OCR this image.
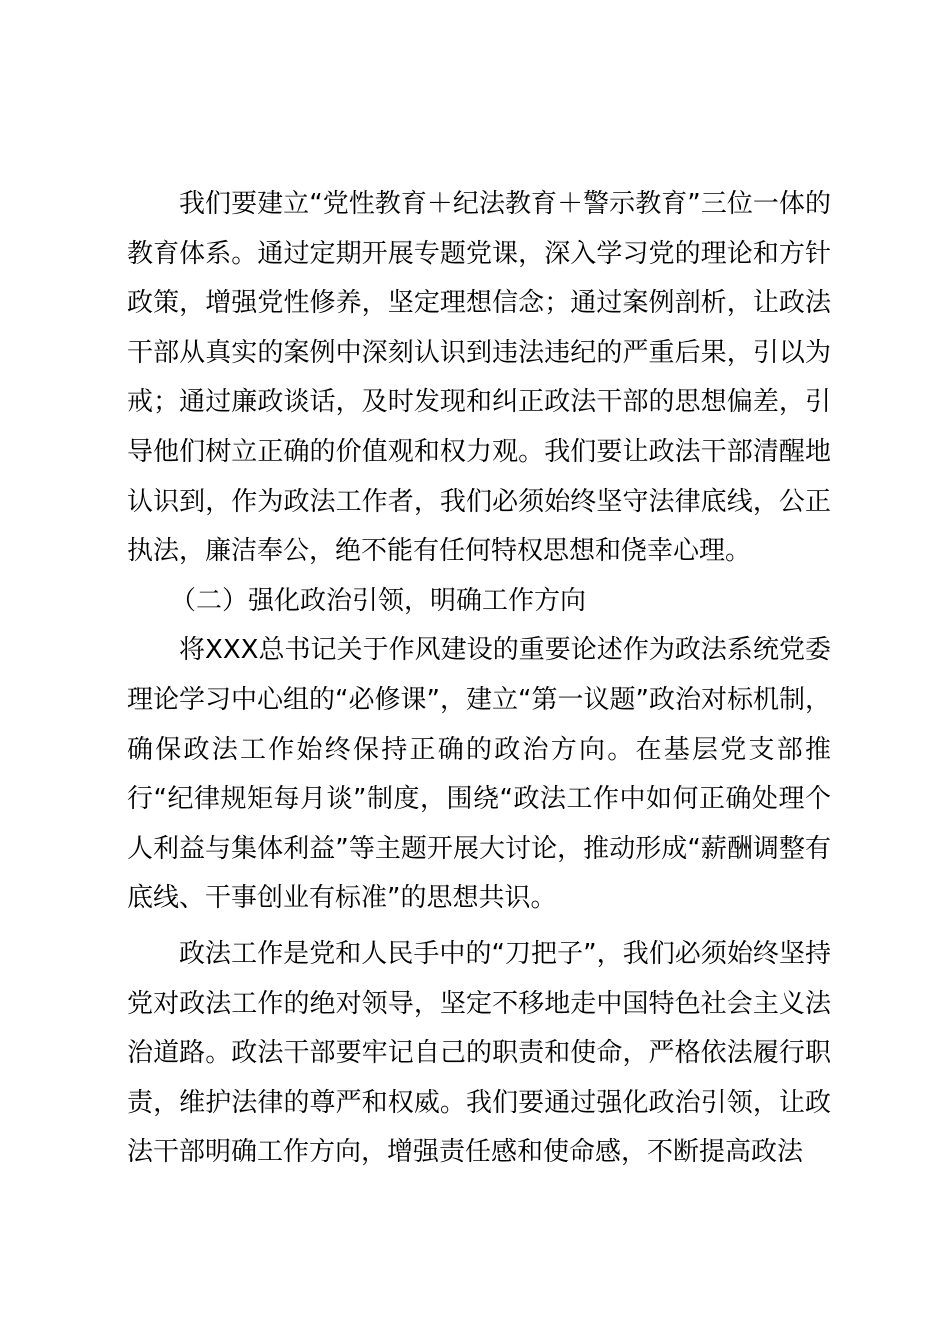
我们要建立“党性教育＋纪法教育＋警示教育”三位一体的教育体系。通过定期开展专题党课，深入学习党的理论和方针政策，增强党性修养，坚定理想信念；通过案例剖析，让政法干部从真实的案例中深刻认识到违法违纪的严重后果，引以为戒；通过廉政谈话，及时发现和纠正政法干部的思想偏差，引导他们树立正确的价值观和权力观。我们要让政法干部清醒地认识到，作为政法工作者，我们必须始终坚守法律底线，公正执法，廉洁奉公，绝不能有任何特权思想和侥幸心理。

（二）强化政治引领，明确工作方向

将XXX总书记关于作风建设的重要论述作为政法系统党委理论学习中心组的“必修课”，建立“第一议题”政治对标机制，确保政法工作始终保持正确的政治方向。在基层党支部推行“纪律规矩每月谈”制度，围绕“政法工作中如何正确处理个人利益与集体利益”等主题开展大讨论，推动形成“薪酬调整有底线、干事创业有标准”的思想共识。

政法工作是党和人民手中的“刀把子”，我们必须始终坚持党对政法工作的绝对领导，坚定不移地走中国特色社会主义法治道路。政法干部要牢记自己的职责和使命，严格依法履行职责，维护法律的尊严和权威。我们要通过强化政治引领，让政法干部明确工作方向，增强责任感和使命感，不断提高政法
